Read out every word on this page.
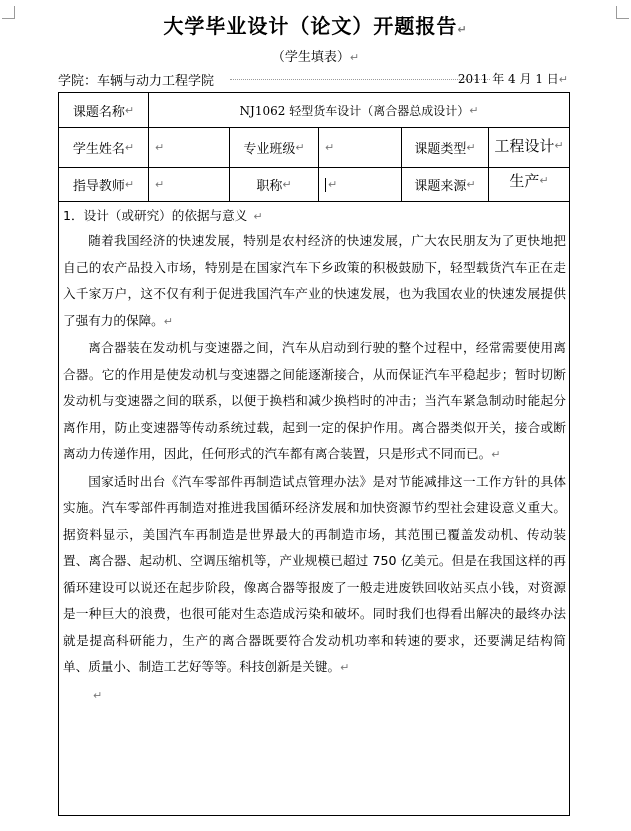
大学毕业设计（论文）开题报告↵
（学生填表）↵
学院：车辆与动力工程学院	2011 年 4 月 1 日↵
课题名称 ↵	NJ1062 轻型货车设计（离合器总成设计） ↵
学生姓名 ↵ ↵	专业班级 ↵ ↵	课题类型 ↵ 工程设计 ↵
指导教师 ↵ ↵	职称 ↵	↵	课题来源 ↵ 生产 ↵
1．设计（或研究）的依据与意义 ↵

随着我国经济的快速发展，特别是农村经济的快速发展，广大农民朋友为了更快地把自己的农产品投入市场，特别是在国家汽车下乡政策的积极鼓励下，轻型载货汽车正在走入千家万户，这不仅有利于促进我国汽车产业的快速发展，也为我国农业的快速发展提供了强有力的保障。↵

离合器装在发动机与变速器之间，汽车从启动到行驶的整个过程中，经常需要使用离合器。它的作用是使发动机与变速器之间能逐渐接合，从而保证汽车平稳起步；暂时切断发动机与变速器之间的联系，以便于换档和减少换档时的冲击；当汽车紧急制动时能起分离作用，防止变速器等传动系统过载，起到一定的保护作用。离合器类似开关，接合或断离动力传递作用，因此，任何形式的汽车都有离合装置，只是形式不同而已。↵

国家适时出台《汽车零部件再制造试点管理办法》是对节能减排这一工作方针的具体实施。汽车零部件再制造对推进我国循环经济发展和加快资源节约型社会建设意义重大。据资料显示，美国汽车再制造是世界最大的再制造市场，其范围已覆盖发动机、传动装置、离合器、起动机、空调压缩机等，产业规模已超过 750 亿美元。但是在我国这样的再循环建设可以说还在起步阶段，像离合器等报废了一般走进废铁回收站买点小钱，对资源是一种巨大的浪费，也很可能对生态造成污染和破坏。同时我们也得看出解决的最终办法就是提高科研能力，生产的离合器既要符合发动机功率和转速的要求，还要满足结构简单、质量小、制造工艺好等等。科技创新是关键。↵

↵
